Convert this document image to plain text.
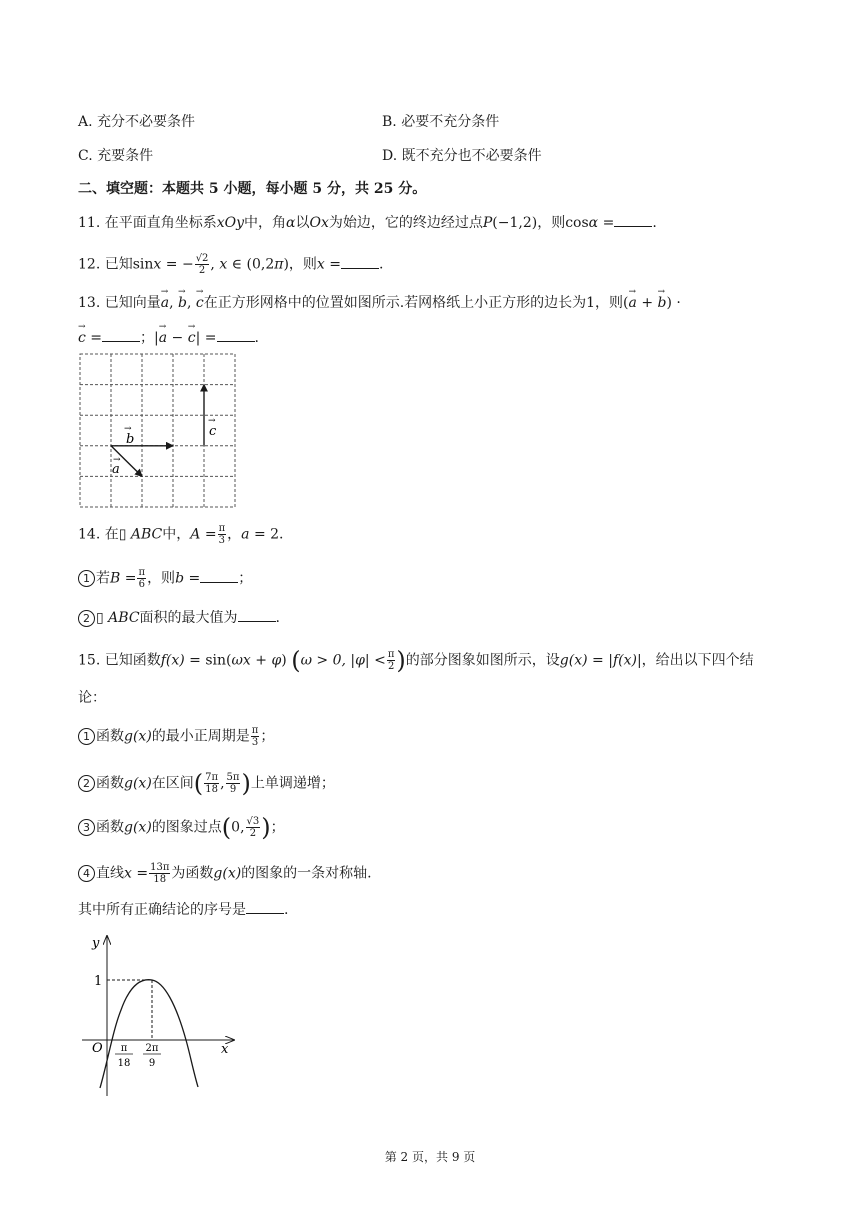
A. 充分不必要条件	B. 必要不充分条件
C. 充要条件	D. 既不充分也不必要条件
二、填空题：本题共 5 小题，每小题 5 分，共 25 分。
11. 在平面直角坐标系xOy中，角α以Ox为始边，它的终边经过点P(−1,2)，则cosα =	.
12. 已知sinx = − $\frac{√2}{2}$ , x ∈ (0,2π)，则x =	.
13. 已知向量→ a, → b, → c在正方形网格中的位置如图所示.若网格纸上小正方形的边长为1，则(→ a + → b) ·
→ c =	；|→ a − → c| =	.
a
→
b
→	c
→
14. 在▯ ABC中，$A = \frac{\pi}{3}$ ，a = 2.
1 若$B = \frac{\pi}{6}$ ，则b =	；
2 ▯ ABC面积的最大值为	.
15. 已知函数f(x) = sin(ωx + φ) (ω > 0, $|\varphi| < \frac{\pi}{2}$ )的部分图象如图所示，设g(x) = |f(x)|，给出以下四个结
论：
1 函数g(x)的最小正周期是 $\frac{\pi}{3}$ ；
2 函数g(x)在区间( $\frac{7\pi}{18}$ , $\frac{5\pi}{9}$ )上单调递增；
3 函数g(x)的图象过点(0, $\frac{√3}{2}$ )；
4 直线$x = \frac{13\pi}{18}$ 为函数g(x)的图象的一条对称轴.
其中所有正确结论的序号是	.
y
x
O
1
π
18
2π
9
第 2 页，共 9 页
